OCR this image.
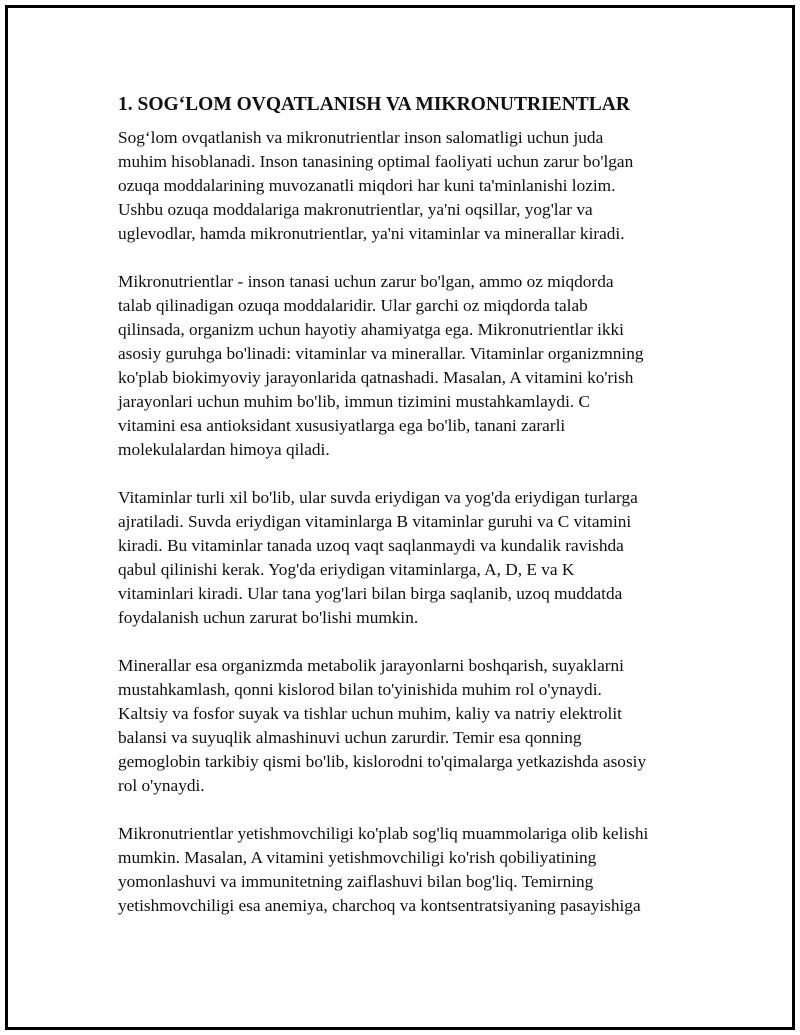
1. SOG‘LOM OVQATLANISH VA MIKRONUTRIENTLAR
Sog‘lom ovqatlanish va mikronutrientlar inson salomatligi uchun juda
muhim hisoblanadi. Inson tanasining optimal faoliyati uchun zarur bo'lgan
ozuqa moddalarining muvozanatli miqdori har kuni ta'minlanishi lozim.
Ushbu ozuqa moddalariga makronutrientlar, ya'ni oqsillar, yog'lar va
uglevodlar, hamda mikronutrientlar, ya'ni vitaminlar va minerallar kiradi.
Mikronutrientlar - inson tanasi uchun zarur bo'lgan, ammo oz miqdorda
talab qilinadigan ozuqa moddalaridir. Ular garchi oz miqdorda talab
qilinsada, organizm uchun hayotiy ahamiyatga ega. Mikronutrientlar ikki
asosiy guruhga bo'linadi: vitaminlar va minerallar. Vitaminlar organizmning
ko'plab biokimyoviy jarayonlarida qatnashadi. Masalan, A vitamini ko'rish
jarayonlari uchun muhim bo'lib, immun tizimini mustahkamlaydi. C
vitamini esa antioksidant xususiyatlarga ega bo'lib, tanani zararli
molekulalardan himoya qiladi.
Vitaminlar turli xil bo'lib, ular suvda eriydigan va yog'da eriydigan turlarga
ajratiladi. Suvda eriydigan vitaminlarga B vitaminlar guruhi va C vitamini
kiradi. Bu vitaminlar tanada uzoq vaqt saqlanmaydi va kundalik ravishda
qabul qilinishi kerak. Yog'da eriydigan vitaminlarga, A, D, E va K
vitaminlari kiradi. Ular tana yog'lari bilan birga saqlanib, uzoq muddatda
foydalanish uchun zarurat bo'lishi mumkin.
Minerallar esa organizmda metabolik jarayonlarni boshqarish, suyaklarni
mustahkamlash, qonni kislorod bilan to'yinishida muhim rol o'ynaydi.
Kaltsiy va fosfor suyak va tishlar uchun muhim, kaliy va natriy elektrolit
balansi va suyuqlik almashinuvi uchun zarurdir. Temir esa qonning
gemoglobin tarkibiy qismi bo'lib, kislorodni to'qimalarga yetkazishda asosiy
rol o'ynaydi.
Mikronutrientlar yetishmovchiligi ko'plab sog'liq muammolariga olib kelishi
mumkin. Masalan, A vitamini yetishmovchiligi ko'rish qobiliyatining
yomonlashuvi va immunitetning zaiflashuvi bilan bog'liq. Temirning
yetishmovchiligi esa anemiya, charchoq va kontsentratsiyaning pasayishiga
